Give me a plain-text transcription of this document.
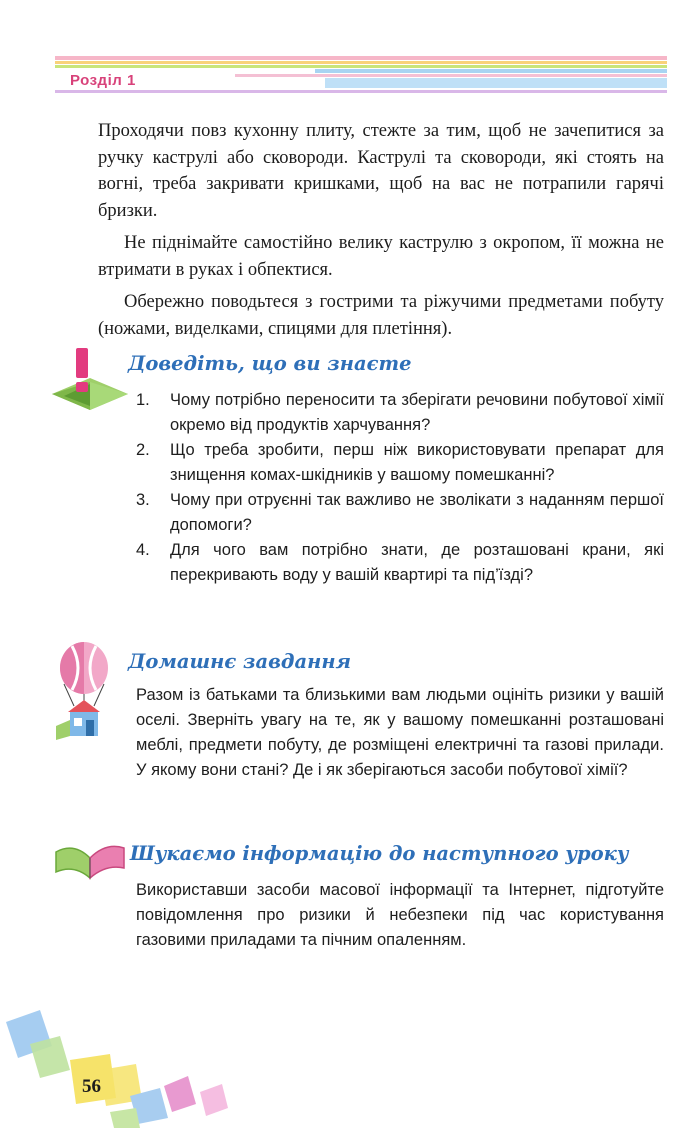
Розділ 1

Проходячи повз кухонну плиту, стежте за тим, щоб не зачепитися за ручку каструлі або сковороди. Каструлі та сковороди, які стоять на вогні, треба закривати кришками, щоб на вас не потрапили гарячі бризки.

Не піднімайте самостійно велику каструлю з окропом, її можна не втримати в руках і обпектися.

Обережно поводьтеся з гострими та ріжучими предметами побуту (ножами, виделками, спицями для плетіння).

Доведіть, що ви знаєте
1. Чому потрібно переносити та зберігати речовини побутової хімії окремо від продуктів харчування?
2. Що треба зробити, перш ніж використовувати препарат для знищення комах-шкідників у вашому помешканні?
3. Чому при отруєнні так важливо не зволікати з наданням першої допомоги?
4. Для чого вам потрібно знати, де розташовані крани, які перекривають воду у вашій квартирі та під’їзді?
Домашнє завдання
Разом із батьками та близькими вам людьми оцініть ризики у вашій оселі. Зверніть увагу на те, як у вашому помешканні розташовані меблі, предмети побуту, де розміщені електричні та газові прилади. У якому вони стані? Де і як зберігаються засоби побутової хімії?
Шукаємо інформацію до наступного уроку
Використавши засоби масової інформації та Інтернет, підготуйте повідомлення про ризики й небезпеки під час користування газовими приладами та пічним опаленням.
56
